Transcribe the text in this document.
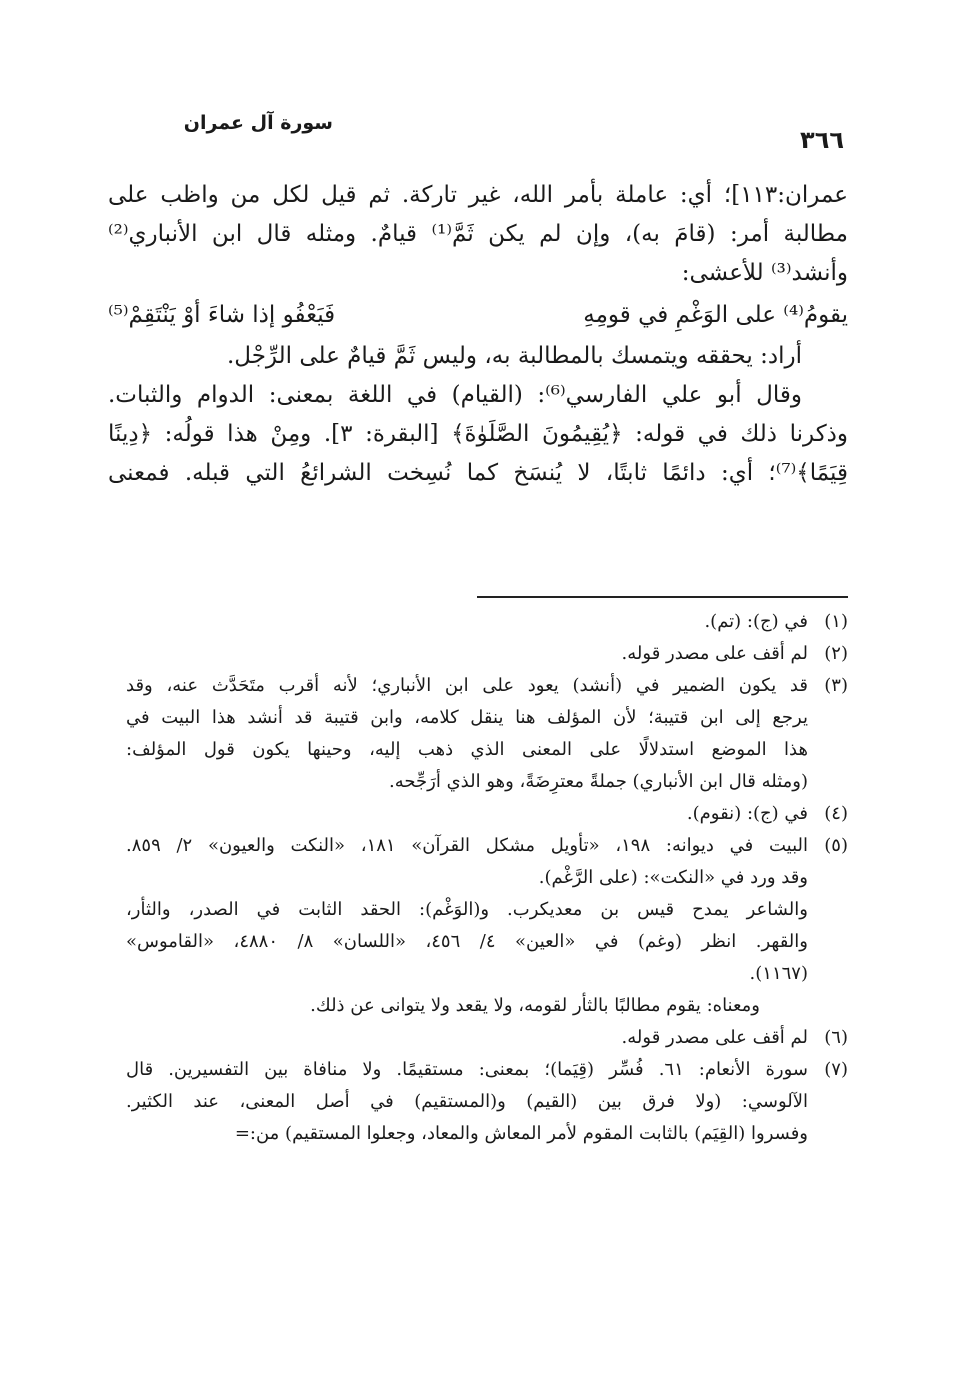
سورة آل عمران
٣٦٦
عمران:١١٣]؛ أي: عاملة بأمر الله، غير تاركة. ثم قيل لكل من واظب على
مطالبة أمر: (قامَ به)، وإن لم يكن ثَمَّ⁽¹⁾ قيامٌ. ومثله قال ابن الأنباري⁽²⁾
وأنشد⁽³⁾ للأعشى:
يقومُ⁽⁴⁾ على الوَغْمِ في قومِهِ
فَيَعْفُو إذا شاءَ أوْ يَنْتَقِمْ⁽⁵⁾
أراد: يحققه ويتمسك بالمطالبة به، وليس ثَمَّ قيامٌ على الرِّجْل.
وقال أبو علي الفارسي⁽⁶⁾: (القيام) في اللغة بمعنى: الدوام والثبات.
وذكرنا ذلك في قوله: ﴿يُقِيمُونَ الصَّلَوٰةَ﴾ [البقرة: ٣]. ومِنْ هذا قولُه: ﴿دِينًا
قِيَمًا﴾⁽⁷⁾؛ أي: دائمًا ثابتًا، لا يُنسَخ كما نُسِخت الشرائعُ التي قبله. فمعنى
(١)
في (ج): (تم).
(٢)
لم أقف على مصدر قوله.
(٣)
قد يكون الضمير في (أنشد) يعود على ابن الأنباري؛ لأنه أقرب متَحَدَّث عنه، وقد
يرجع إلى ابن قتيبة؛ لأن المؤلف هنا ينقل كلامه، وابن قتيبة قد أنشد هذا البيت في
هذا الموضع استدلالًا على المعنى الذي ذهب إليه، وحينها يكون قول المؤلف:
(ومثله قال ابن الأنباري) جملةً معترِضَةً، وهو الذي أرَجِّحه.
(٤)
في (ج): (نقوم).
(٥)
البيت في ديوانه: ١٩٨، «تأويل مشكل القرآن» ١٨١، «النكت والعيون» ٢/ ٨٥٩.
وقد ورد في «النكت»: (على الرَّغْم).
والشاعر يمدح قيس بن معديكرب. و(الوَغْم): الحقد الثابت في الصدر، والثأر،
والقهر. انظر (وغم) في «العين» ٤/ ٤٥٦، «اللسان» ٨/ ٤٨٨٠، «القاموس»
(١١٦٧).
ومعناه: يقوم مطالبًا بالثأر لقومه، ولا يقعد ولا يتوانى عن ذلك.
(٦)
لم أقف على مصدر قوله.
(٧)
سورة الأنعام: ٦١. فُسِّر (قِيَما)؛ بمعنى: مستقيمًا. ولا منافاة بين التفسيرين. قال
الآلوسي: (ولا فرق بين (القيم) و(المستقيم) في أصل المعنى، عند الكثير.
وفسروا (القِيَم) بالثابت المقوم لأمر المعاش والمعاد، وجعلوا المستقيم) من:=
